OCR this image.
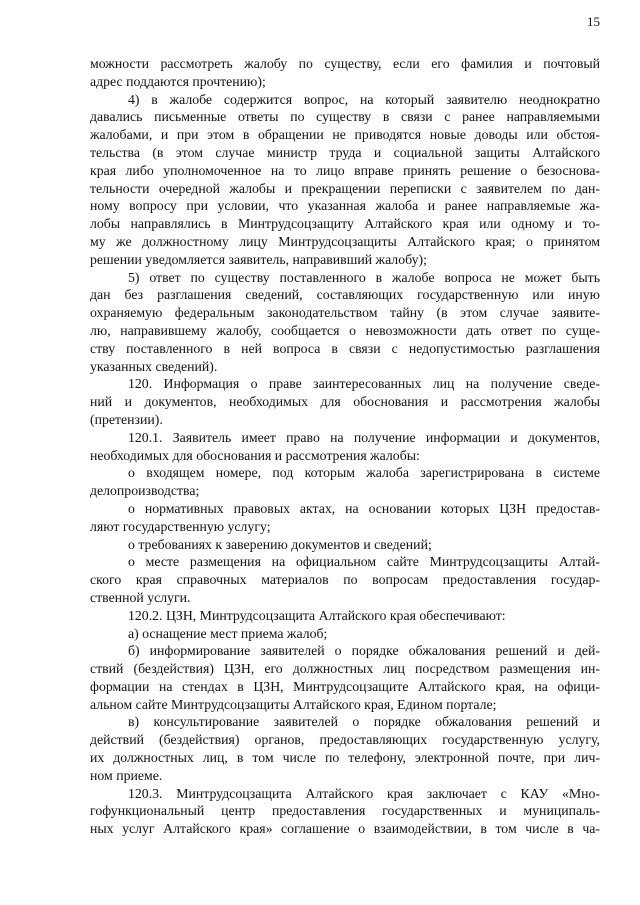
15
можности рассмотреть жалобу по существу, если его фамилия и почтовый
адрес поддаются прочтению);
4) в жалобе содержится вопрос, на который заявителю неоднократно
давались письменные ответы по существу в связи с ранее направляемыми
жалобами, и при этом в обращении не приводятся новые доводы или обстоя-
тельства (в этом случае министр труда и социальной защиты Алтайского
края либо уполномоченное на то лицо вправе принять решение о безоснова-
тельности очередной жалобы и прекращении переписки с заявителем по дан-
ному вопросу при условии, что указанная жалоба и ранее направляемые жа-
лобы направлялись в Минтрудсоцзащиту Алтайского края или одному и то-
му же должностному лицу Минтрудсоцзащиты Алтайского края; о принятом
решении уведомляется заявитель, направивший жалобу);
5) ответ по существу поставленного в жалобе вопроса не может быть
дан без разглашения сведений, составляющих государственную или иную
охраняемую федеральным законодательством тайну (в этом случае заявите-
лю, направившему жалобу, сообщается о невозможности дать ответ по суще-
ству поставленного в ней вопроса в связи с недопустимостью разглашения
указанных сведений).
120. Информация о праве заинтересованных лиц на получение сведе-
ний и документов, необходимых для обоснования и рассмотрения жалобы
(претензии).
120.1. Заявитель имеет право на получение информации и документов,
необходимых для обоснования и рассмотрения жалобы:
о входящем номере, под которым жалоба зарегистрирована в системе
делопроизводства;
о нормативных правовых актах, на основании которых ЦЗН предостав-
ляют государственную услугу;
о требованиях к заверению документов и сведений;
о месте размещения на официальном сайте Минтрудсоцзащиты Алтай-
ского края справочных материалов по вопросам предоставления государ-
ственной услуги.
120.2. ЦЗН, Минтрудсоцзащита Алтайского края обеспечивают:
а) оснащение мест приема жалоб;
б) информирование заявителей о порядке обжалования решений и дей-
ствий (бездействия) ЦЗН, его должностных лиц посредством размещения ин-
формации на стендах в ЦЗН, Минтрудсоцзащите Алтайского края, на офици-
альном сайте Минтрудсоцзащиты Алтайского края, Едином портале;
в) консультирование заявителей о порядке обжалования решений и
действий (бездействия) органов, предоставляющих государственную услугу,
их должностных лиц, в том числе по телефону, электронной почте, при лич-
ном приеме.
120.3. Минтрудсоцзащита Алтайского края заключает с КАУ «Мно-
гофункциональный центр предоставления государственных и муниципаль-
ных услуг Алтайского края» соглашение о взаимодействии, в том числе в ча-
